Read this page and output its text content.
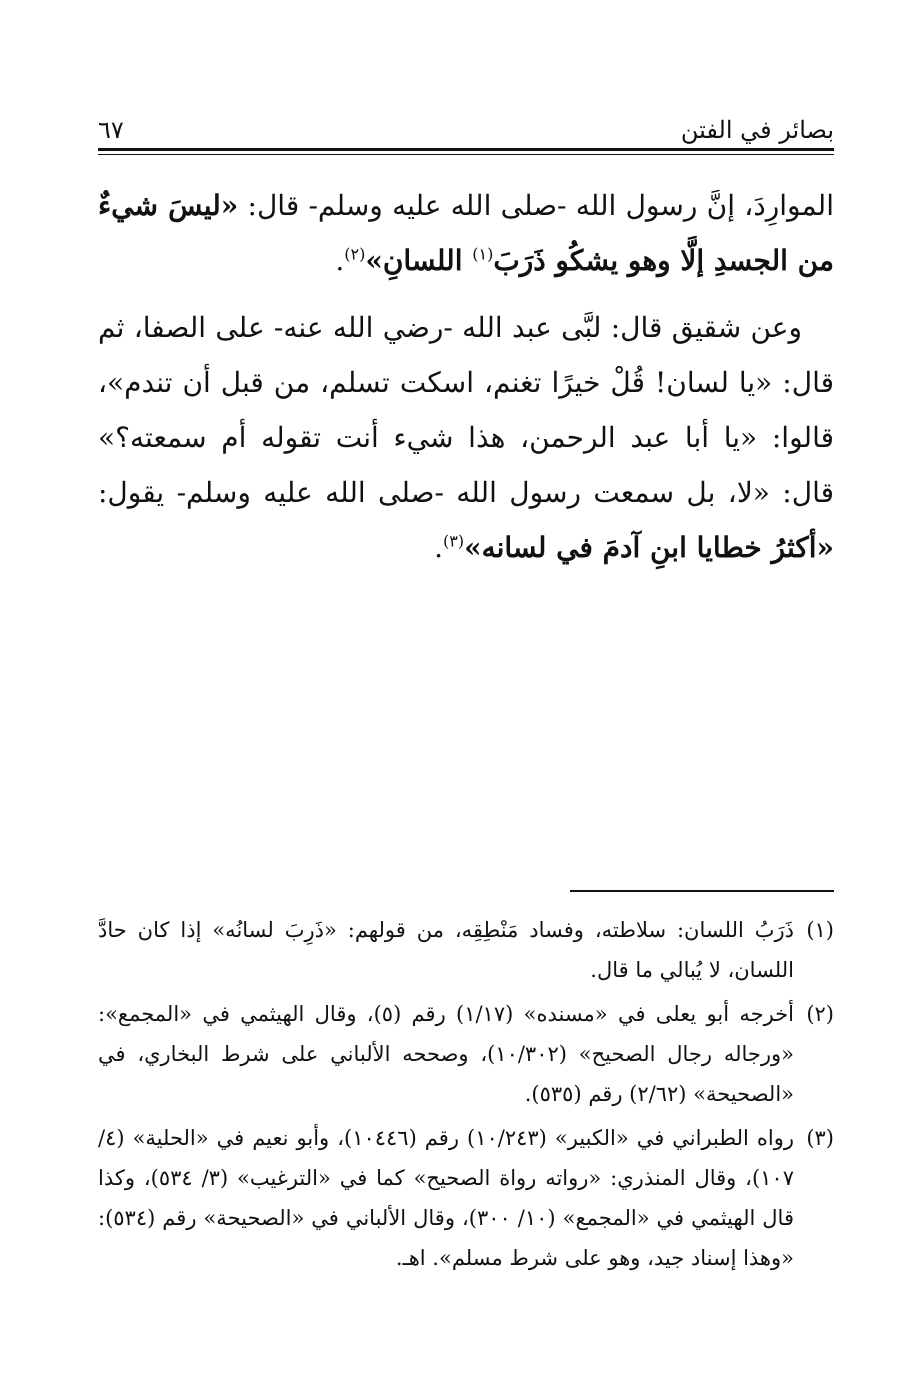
بصائر في الفتن
٦٧

الموارِدَ، إنَّ رسول الله -صلى الله عليه وسلم- قال: «ليسَ شيءٌ من الجسدِ إلَّا وهو يشكُو ذَرَبَ$^{(١)}$ اللسانِ»$^{(٢)}$.

وعن شقيق قال: لبَّى عبد الله -رضي الله عنه- على الصفا، ثم قال: «يا لسان! قُلْ خيرًا تغنم، اسكت تسلم، من قبل أن تندم»، قالوا: «يا أبا عبد الرحمن، هذا شيء أنت تقوله أم سمعته؟» قال: «لا، بل سمعت رسول الله -صلى الله عليه وسلم- يقول: «أكثرُ خطايا ابنِ آدمَ في لسانه»$^{(٣)}$.

(١)
ذَرَبُ اللسان: سلاطته، وفساد مَنْطِقِه، من قولهم: «ذَرِبَ لسانُه» إذا كان حادَّ اللسان، لا يُبالي ما قال.
(٢)
أخرجه أبو يعلى في «مسنده» (١/١٧) رقم (٥)، وقال الهيثمي في «المجمع»: «ورجاله رجال الصحيح» (١٠/٣٠٢)، وصححه الألباني على شرط البخاري، في «الصحيحة» (٢/٦٢) رقم (٥٣٥).
(٣)
رواه الطبراني في «الكبير» (١٠/٢٤٣) رقم (١٠٤٤٦)، وأبو نعيم في «الحلية» (٤/ ١٠٧)، وقال المنذري: «رواته رواة الصحيح» كما في «الترغيب» (٣/ ٥٣٤)، وكذا قال الهيثمي في «المجمع» (١٠/ ٣٠٠)، وقال الألباني في «الصحيحة» رقم (٥٣٤): «وهذا إسناد جيد، وهو على شرط مسلم». اهـ.
